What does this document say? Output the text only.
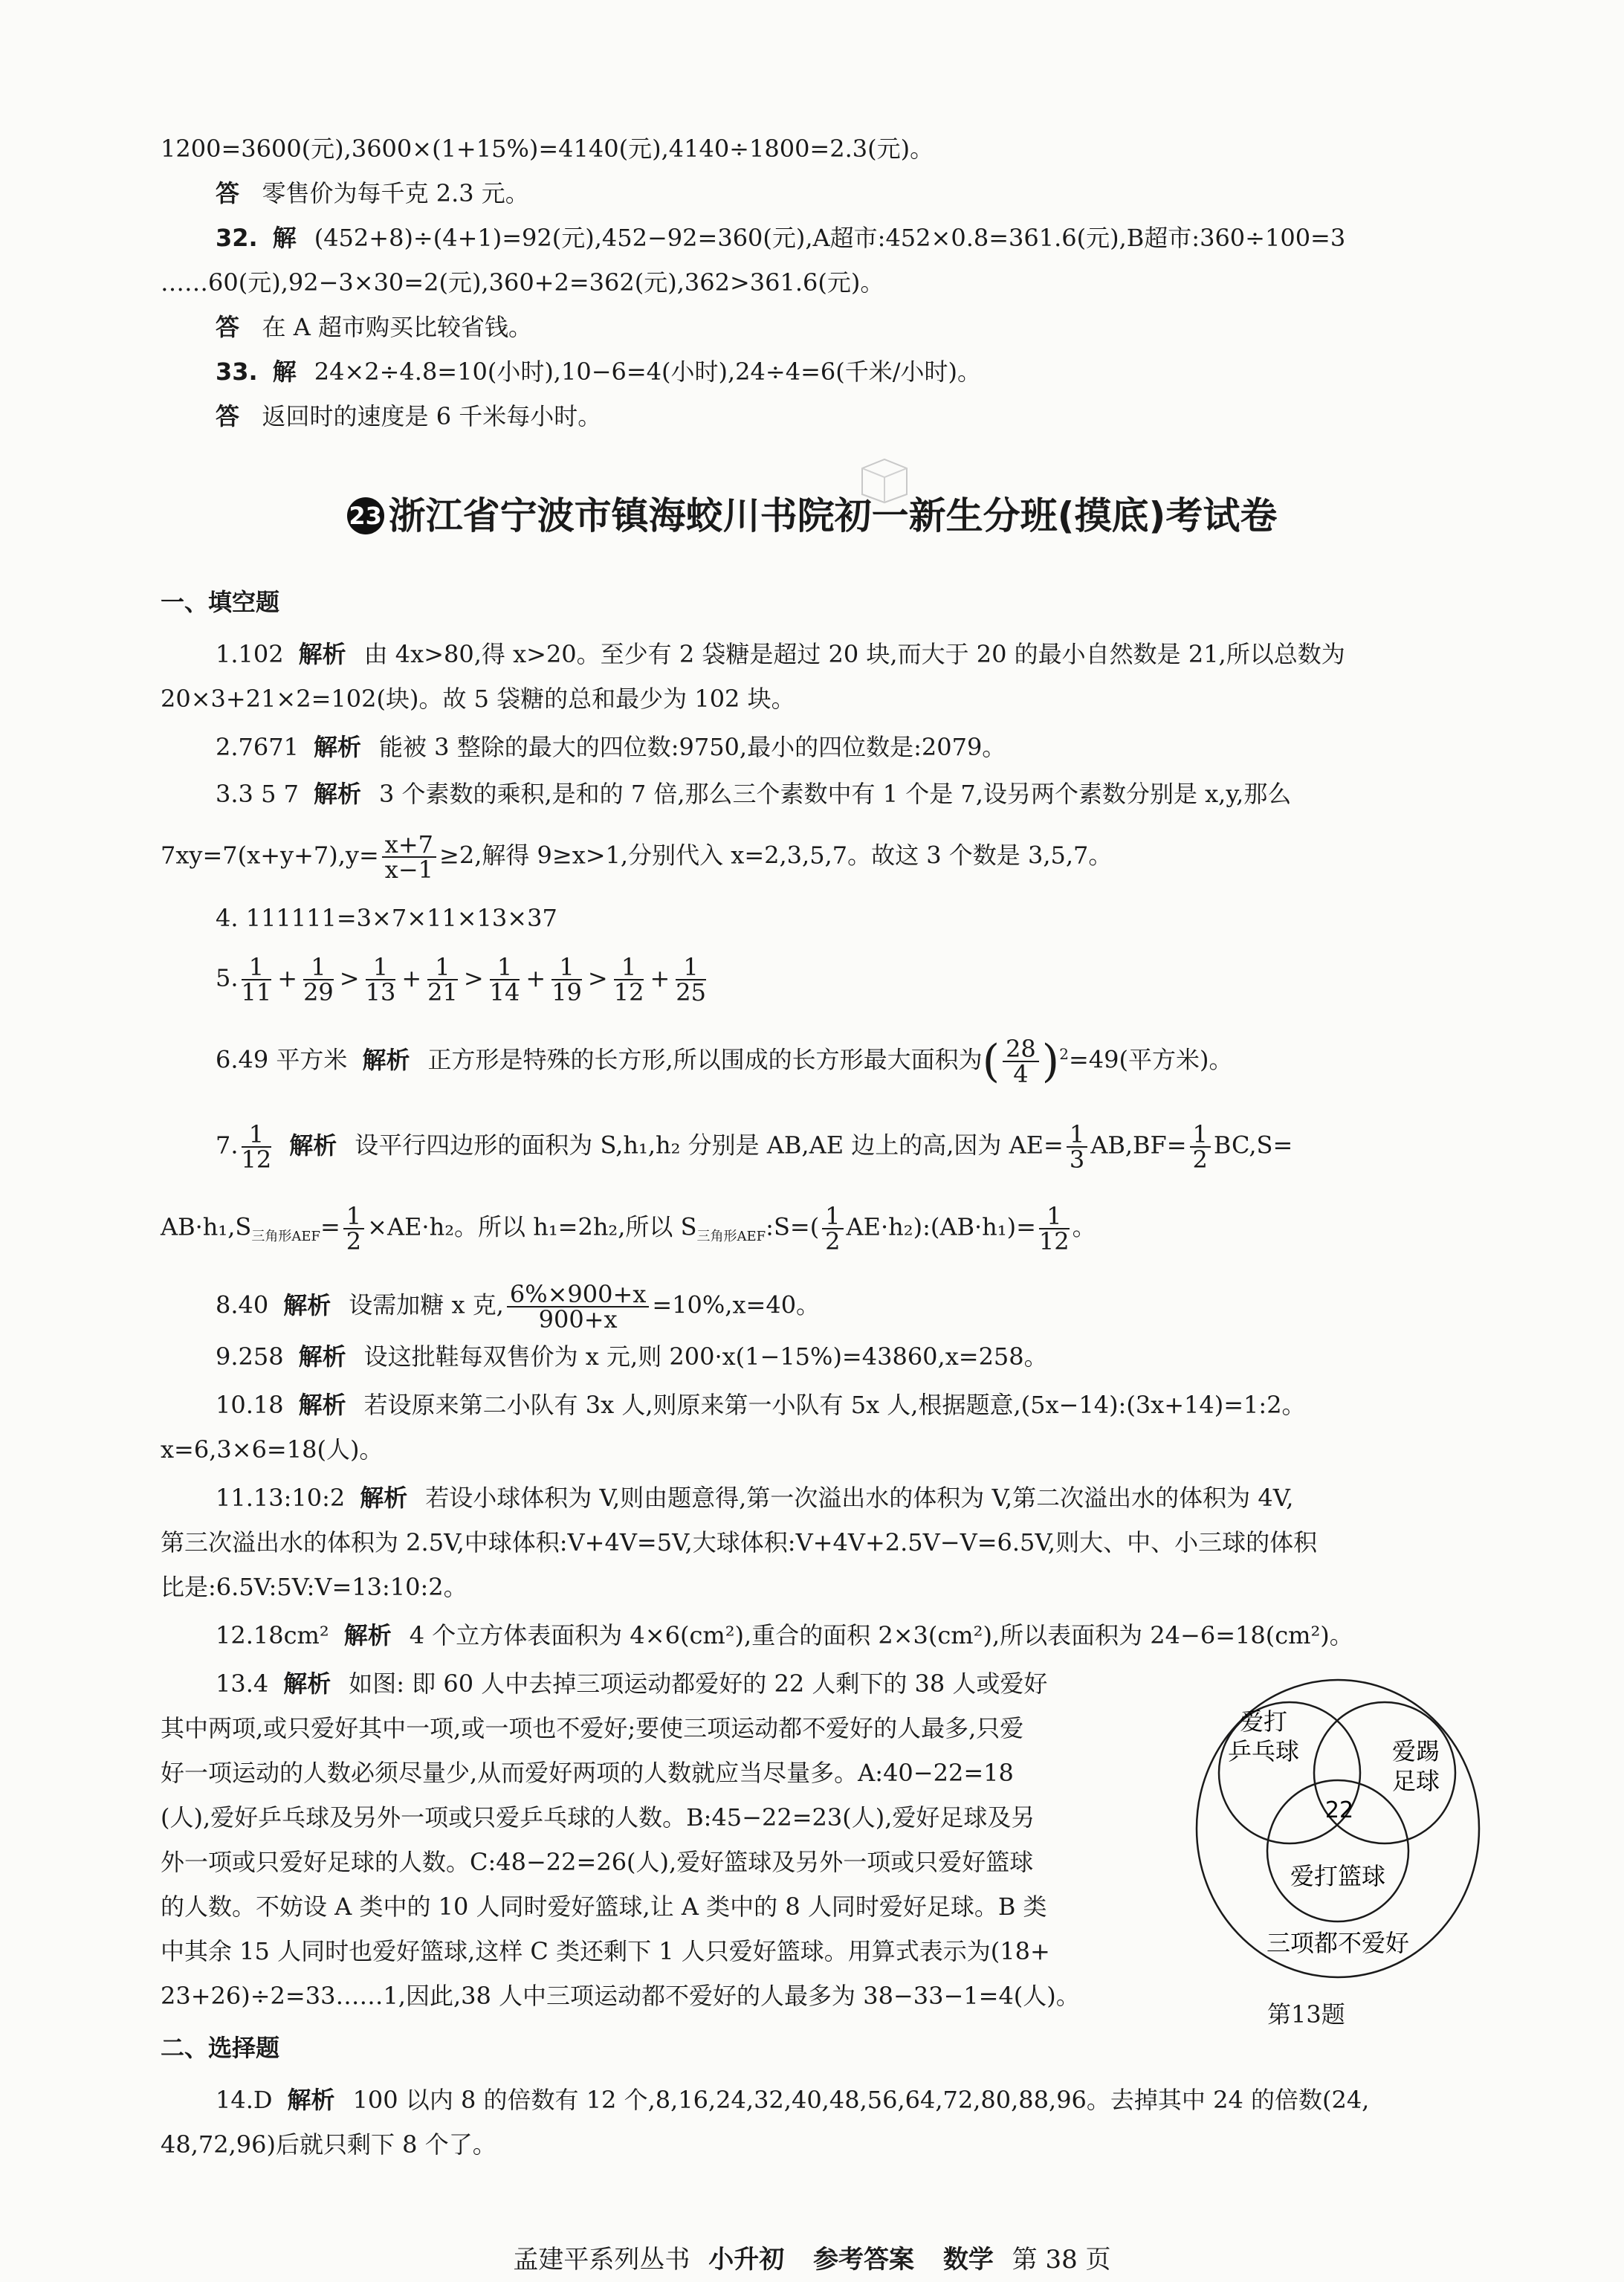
1200=3600(元),3600×(1+15%)=4140(元),4140÷1800=2.3(元)。
答 零售价为每千克 2.3 元。
32. 解 (452+8)÷(4+1)=92(元),452−92=360(元),A超市:452×0.8=361.6(元),B超市:360÷100=3
……60(元),92−3×30=2(元),360+2=362(元),362>361.6(元)。
答 在 A 超市购买比较省钱。
33. 解 24×2÷4.8=10(小时),10−6=4(小时),24÷4=6(千米/小时)。
答 返回时的速度是 6 千米每小时。
23 浙江省宁波市镇海蛟川书院初一新生分班(摸底)考试卷
一、填空题
1.102 解析 由 4x>80,得 x>20。至少有 2 袋糖是超过 20 块,而大于 20 的最小自然数是 21,所以总数为
20×3+21×2=102(块)。故 5 袋糖的总和最少为 102 块。
2.7671 解析 能被 3 整除的最大的四位数:9750,最小的四位数是:2079。
3.3 5 7 解析 3 个素数的乘积,是和的 7 倍,那么三个素数中有 1 个是 7,设另两个素数分别是 x,y,那么
$7xy=7(x+y+7),y= \frac{x+7}{x-1} \ge 2$,解得 9≥x>1,分别代入 x=2,3,5,7。故这 3 个数是 3,5,7。
4. 111111=3×7×11×13×37
5. $\frac{1}{11} + \frac{1}{29} > \frac{1}{13} + \frac{1}{21} > \frac{1}{14} + \frac{1}{19} > \frac{1}{12} + \frac{1}{25}$
6.49 平方米 解析 正方形是特殊的长方形,所以围成的长方形最大面积为( $\frac{28}{4} )^2=49$(平方米)。
7. $\frac{1}{12}$ 解析 设平行四边形的面积为 S,h₁,h₂ 分别是 AB,AE 边上的高,因为 $AE= \frac{1}{3} AB,BF= \frac{1}{2} BC,S=$
$AB\cdot h_1,S_{三角形AEF}= \frac{1}{2} \times AE\cdot h_2$。所以 h₁=2h₂,所以 $S_{三角形AEF}:S=( \frac{1}{2}$ AE·h₂):(AB·h₁)= $\frac{1}{12}$ 。
8.40 解析 设需加糖 x 克, $\frac{6\%\times 900+x}{900+x} =10\%,x=40$。
9.258 解析 设这批鞋每双售价为 x 元,则 200·x(1−15%)=43860,x=258。
10.18 解析 若设原来第二小队有 3x 人,则原来第一小队有 5x 人,根据题意,(5x−14):(3x+14)=1:2。
x=6,3×6=18(人)。
11.13:10:2 解析 若设小球体积为 V,则由题意得,第一次溢出水的体积为 V,第二次溢出水的体积为 4V,
第三次溢出水的体积为 2.5V,中球体积:V+4V=5V,大球体积:V+4V+2.5V−V=6.5V,则大、中、小三球的体积
比是:6.5V:5V:V=13:10:2。
12.18cm² 解析 4 个立方体表面积为 4×6(cm²),重合的面积 2×3(cm²),所以表面积为 24−6=18(cm²)。
13.4 解析 如图: 即 60 人中去掉三项运动都爱好的 22 人剩下的 38 人或爱好
其中两项,或只爱好其中一项,或一项也不爱好;要使三项运动都不爱好的人最多,只爱
好一项运动的人数必须尽量少,从而爱好两项的人数就应当尽量多。A:40−22=18
(人),爱好乒乓球及另外一项或只爱乒乓球的人数。B:45−22=23(人),爱好足球及另
外一项或只爱好足球的人数。C:48−22=26(人),爱好篮球及另外一项或只爱好篮球
的人数。不妨设 A 类中的 10 人同时爱好篮球,让 A 类中的 8 人同时爱好足球。B 类
中其余 15 人同时也爱好篮球,这样 C 类还剩下 1 人只爱好篮球。用算式表示为(18+
23+26)÷2=33……1,因此,38 人中三项运动都不爱好的人最多为 38−33−1=4(人)。
爱打
乒乓球	爱踢
足球
22
爱打篮球
三项都不爱好
第13题
二、选择题
14.D 解析 100 以内 8 的倍数有 12 个,8,16,24,32,40,48,56,64,72,80,88,96。去掉其中 24 的倍数(24,
48,72,96)后就只剩下 8 个了。
孟建平系列丛书 小升初 参考答案 数学 第 38 页
